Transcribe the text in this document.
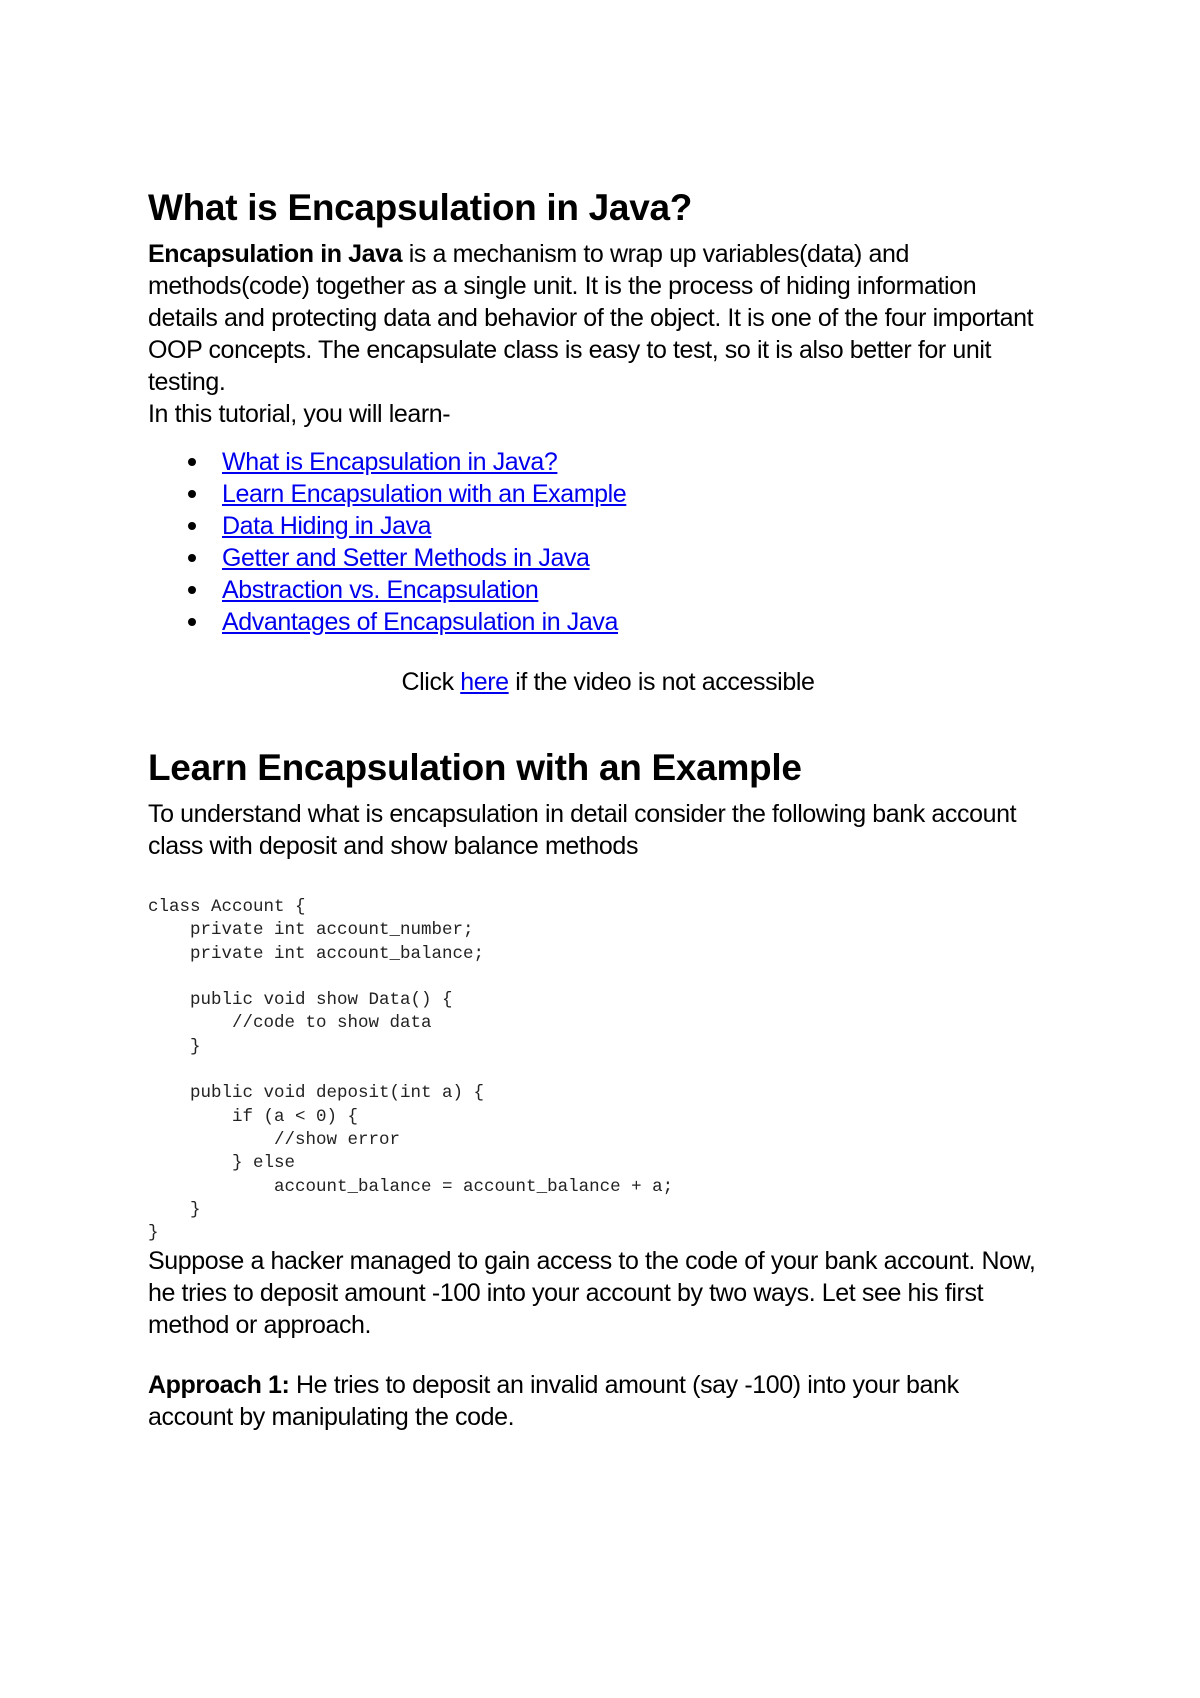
What is Encapsulation in Java?

Encapsulation in Java is a mechanism to wrap up variables(data) and methods(code) together as a single unit. It is the process of hiding information details and protecting data and behavior of the object. It is one of the four important OOP concepts. The encapsulate class is easy to test, so it is also better for unit testing.

In this tutorial, you will learn-

What is Encapsulation in Java?
Learn Encapsulation with an Example
Data Hiding in Java
Getter and Setter Methods in Java
Abstraction vs. Encapsulation
Advantages of Encapsulation in Java
Click here if the video is not accessible
Learn Encapsulation with an Example

To understand what is encapsulation in detail consider the following bank account class with deposit and show balance methods

class Account {
private int account_number;
private int account_balance;

public void show Data() {
//code to show data
}

public void deposit(int a) {
if (a < 0) {
//show error
} else
account_balance = account_balance + a;
}
}

Suppose a hacker managed to gain access to the code of your bank account. Now, he tries to deposit amount -100 into your account by two ways. Let see his first method or approach.

Approach 1: He tries to deposit an invalid amount (say -100) into your bank account by manipulating the code.
